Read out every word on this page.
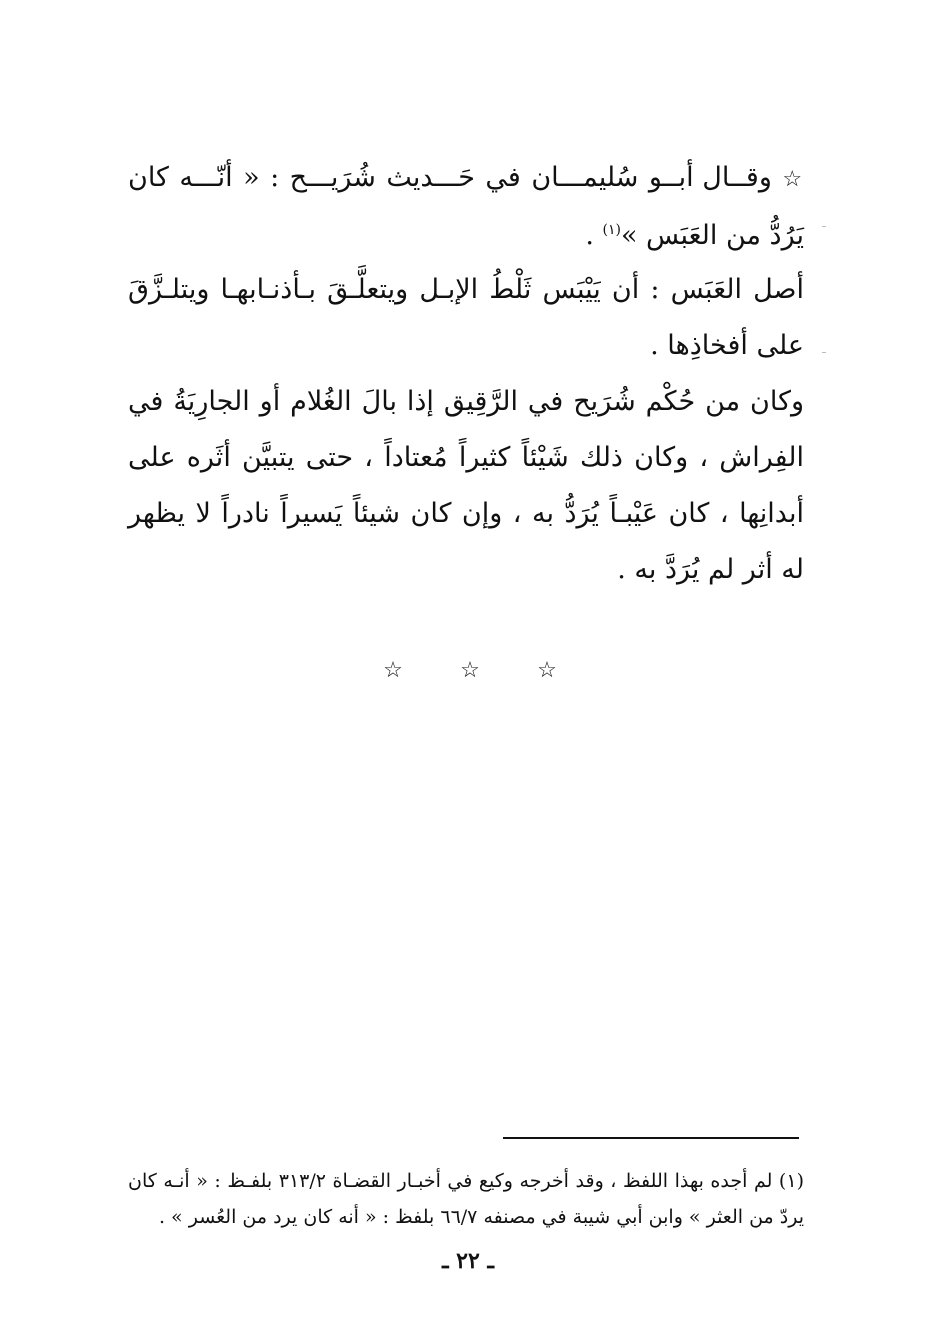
☆ وقــال أبــو سُليمـــان في حَـــديث شُرَيـــح : « أنّـــه كان يَرُدُّ من العَبَس »$^{(١)}$ .

أصل العَبَس : أن يَيْبَس ثَلْطُ الإبـل ويتعلَّـقَ بـأذنـابهـا ويتلـزَّقَ على أفخاذِها .

وكان من حُكْم شُرَيح في الرَّقِيق إذا بالَ الغُلام أو الجارِيَةُ في الفِراش ، وكان ذلك شَيْئاً كثيراً مُعتاداً ، حتى يتبيَّن أثَره على أبدانِها ، كان عَيْبـاً يُرَدُّ به ، وإن كان شيئاً يَسيراً نادراً لا يظهر له أثر لم يُرَدَّ به .

☆
☆
☆

(١) لم أجده بهذا اللفظ ، وقد أخرجه وكيع في أخبـار القضـاة ٣١٣/٢ بلفـظ : « أنـه كان يردّ من العثر » وابن أبي شيبة في مصنفه ٦٦/٧ بلفظ : « أنه كان يرد من العُسر » .

ـ ٢٢ ـ
